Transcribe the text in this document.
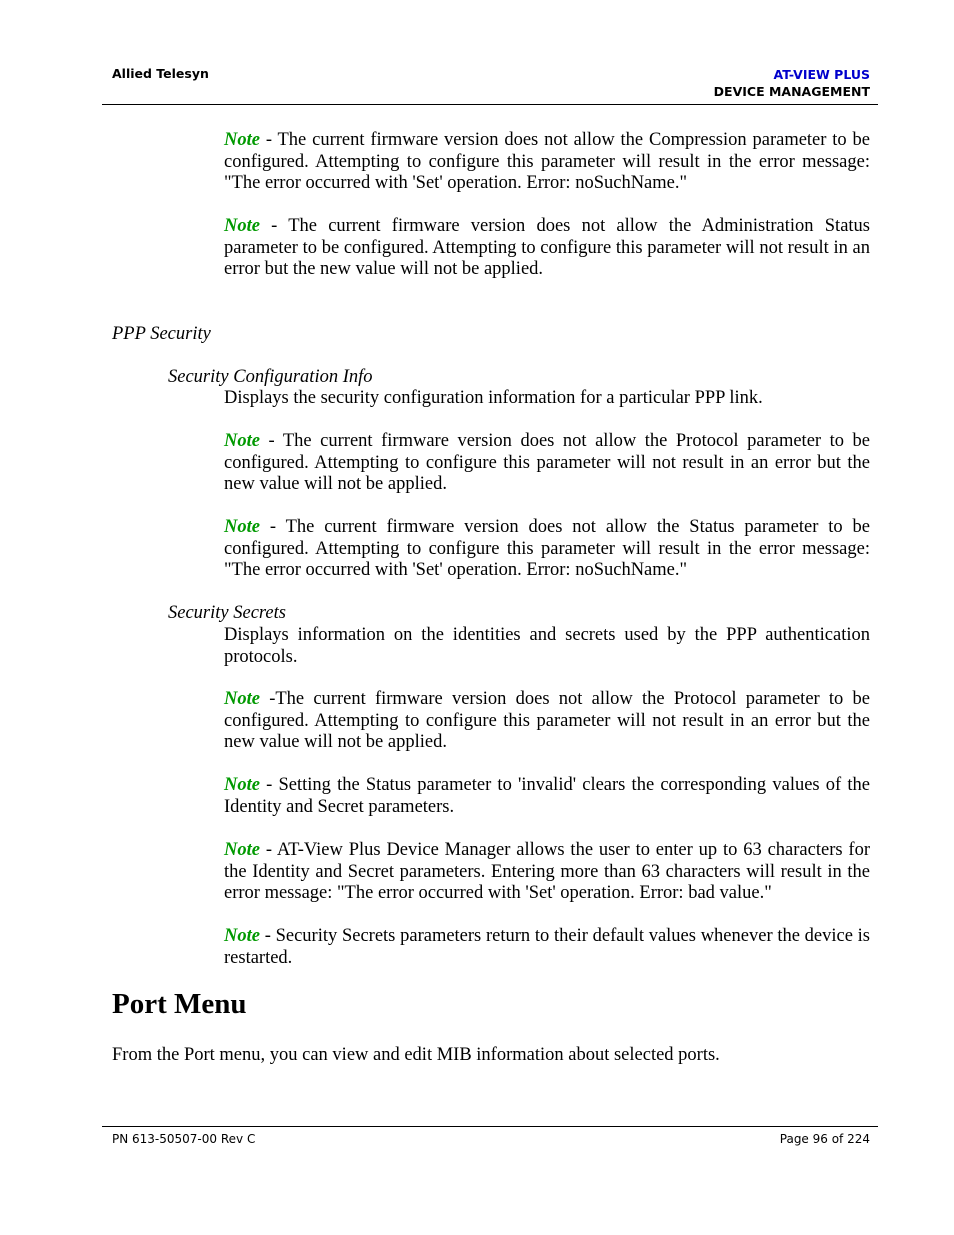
Allied Telesyn	AT-VIEW PLUS
DEVICE MANAGEMENT

Note - The current firmware version does not allow the Compression parameter to be configured. Attempting to configure this parameter will result in the error message: "The error occurred with 'Set' operation. Error: noSuchName."

Note - The current firmware version does not allow the Administration Status parameter to be configured. Attempting to configure this parameter will not result in an error but the new value will not be applied.

PPP Security
Security Configuration Info

Displays the security configuration information for a particular PPP link.

Note - The current firmware version does not allow the Protocol parameter to be configured. Attempting to configure this parameter will not result in an error but the new value will not be applied.

Note - The current firmware version does not allow the Status parameter to be configured. Attempting to configure this parameter will result in the error message: "The error occurred with 'Set' operation. Error: noSuchName."

Security Secrets

Displays information on the identities and secrets used by the PPP authentication protocols.

Note -The current firmware version does not allow the Protocol parameter to be configured. Attempting to configure this parameter will not result in an error but the new value will not be applied.

Note - Setting the Status parameter to 'invalid' clears the corresponding values of the Identity and Secret parameters.

Note - AT-View Plus Device Manager allows the user to enter up to 63 characters for the Identity and Secret parameters. Entering more than 63 characters will result in the error message: "The error occurred with 'Set' operation. Error: bad value."

Note - Security Secrets parameters return to their default values whenever the device is restarted.

Port Menu

From the Port menu, you can view and edit MIB information about selected ports.

PN 613-50507-00 Rev C	Page 96 of 224
